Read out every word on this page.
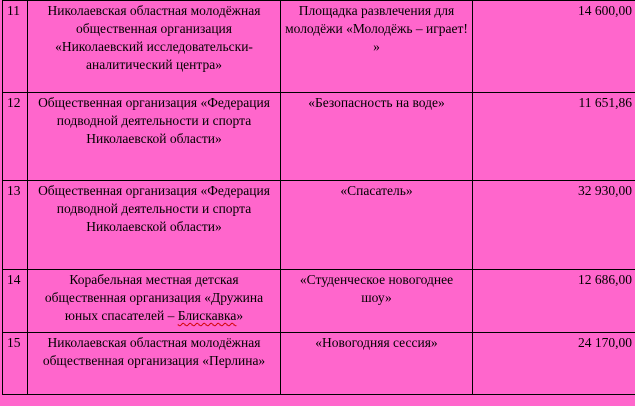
11	Николаевская областная молодёжная общественная организация «Николаевский исследовательски-аналитический центра»	Площадка развлечения для молодёжи «Молодёжь – играет! »	14 600,00
12	Общественная организация «Федерация подводной деятельности и спорта Николаевской области»	«Безопасность на воде»	11 651,86
13	Общественная организация «Федерация подводной деятельности и спорта Николаевской области»	«Спасатель»	32 930,00
14	Корабельная местная детская общественная организация «Дружина юных спасателей – Блискавка»	«Студенческое новогоднее шоу»	12 686,00
15	Николаевская областная молодёжная общественная организация «Перлина»	«Новогодняя сессия»	24 170,00
